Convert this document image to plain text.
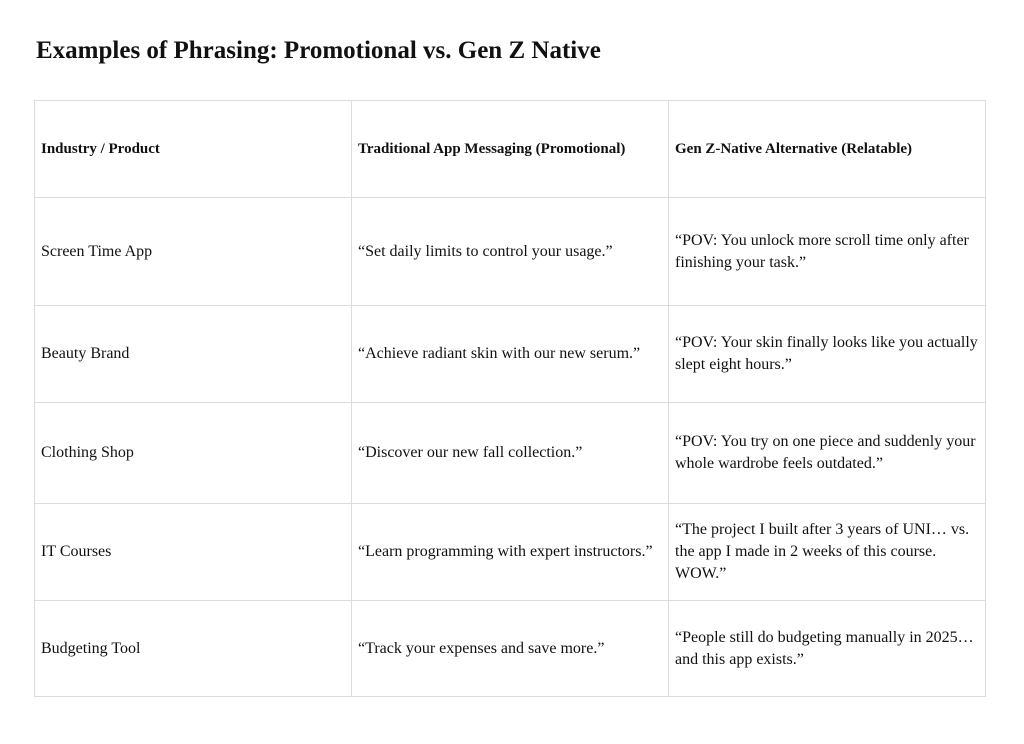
Examples of Phrasing: Promotional vs. Gen Z Native
Industry / Product	Traditional App Messaging (Promotional)	Gen Z-Native Alternative (Relatable)
Screen Time App	“Set daily limits to control your usage.”	“POV: You unlock more scroll time only after finishing your task.”
Beauty Brand	“Achieve radiant skin with our new serum.”	“POV: Your skin finally looks like you actually slept eight hours.”
Clothing Shop	“Discover our new fall collection.”	“POV: You try on one piece and suddenly your whole wardrobe feels outdated.”
IT Courses	“Learn programming with expert instructors.”	“The project I built after 3 years of UNI… vs. the app I made in 2 weeks of this course. WOW.”
Budgeting Tool	“Track your expenses and save more.”	“People still do budgeting manually in 2025… and this app exists.”
